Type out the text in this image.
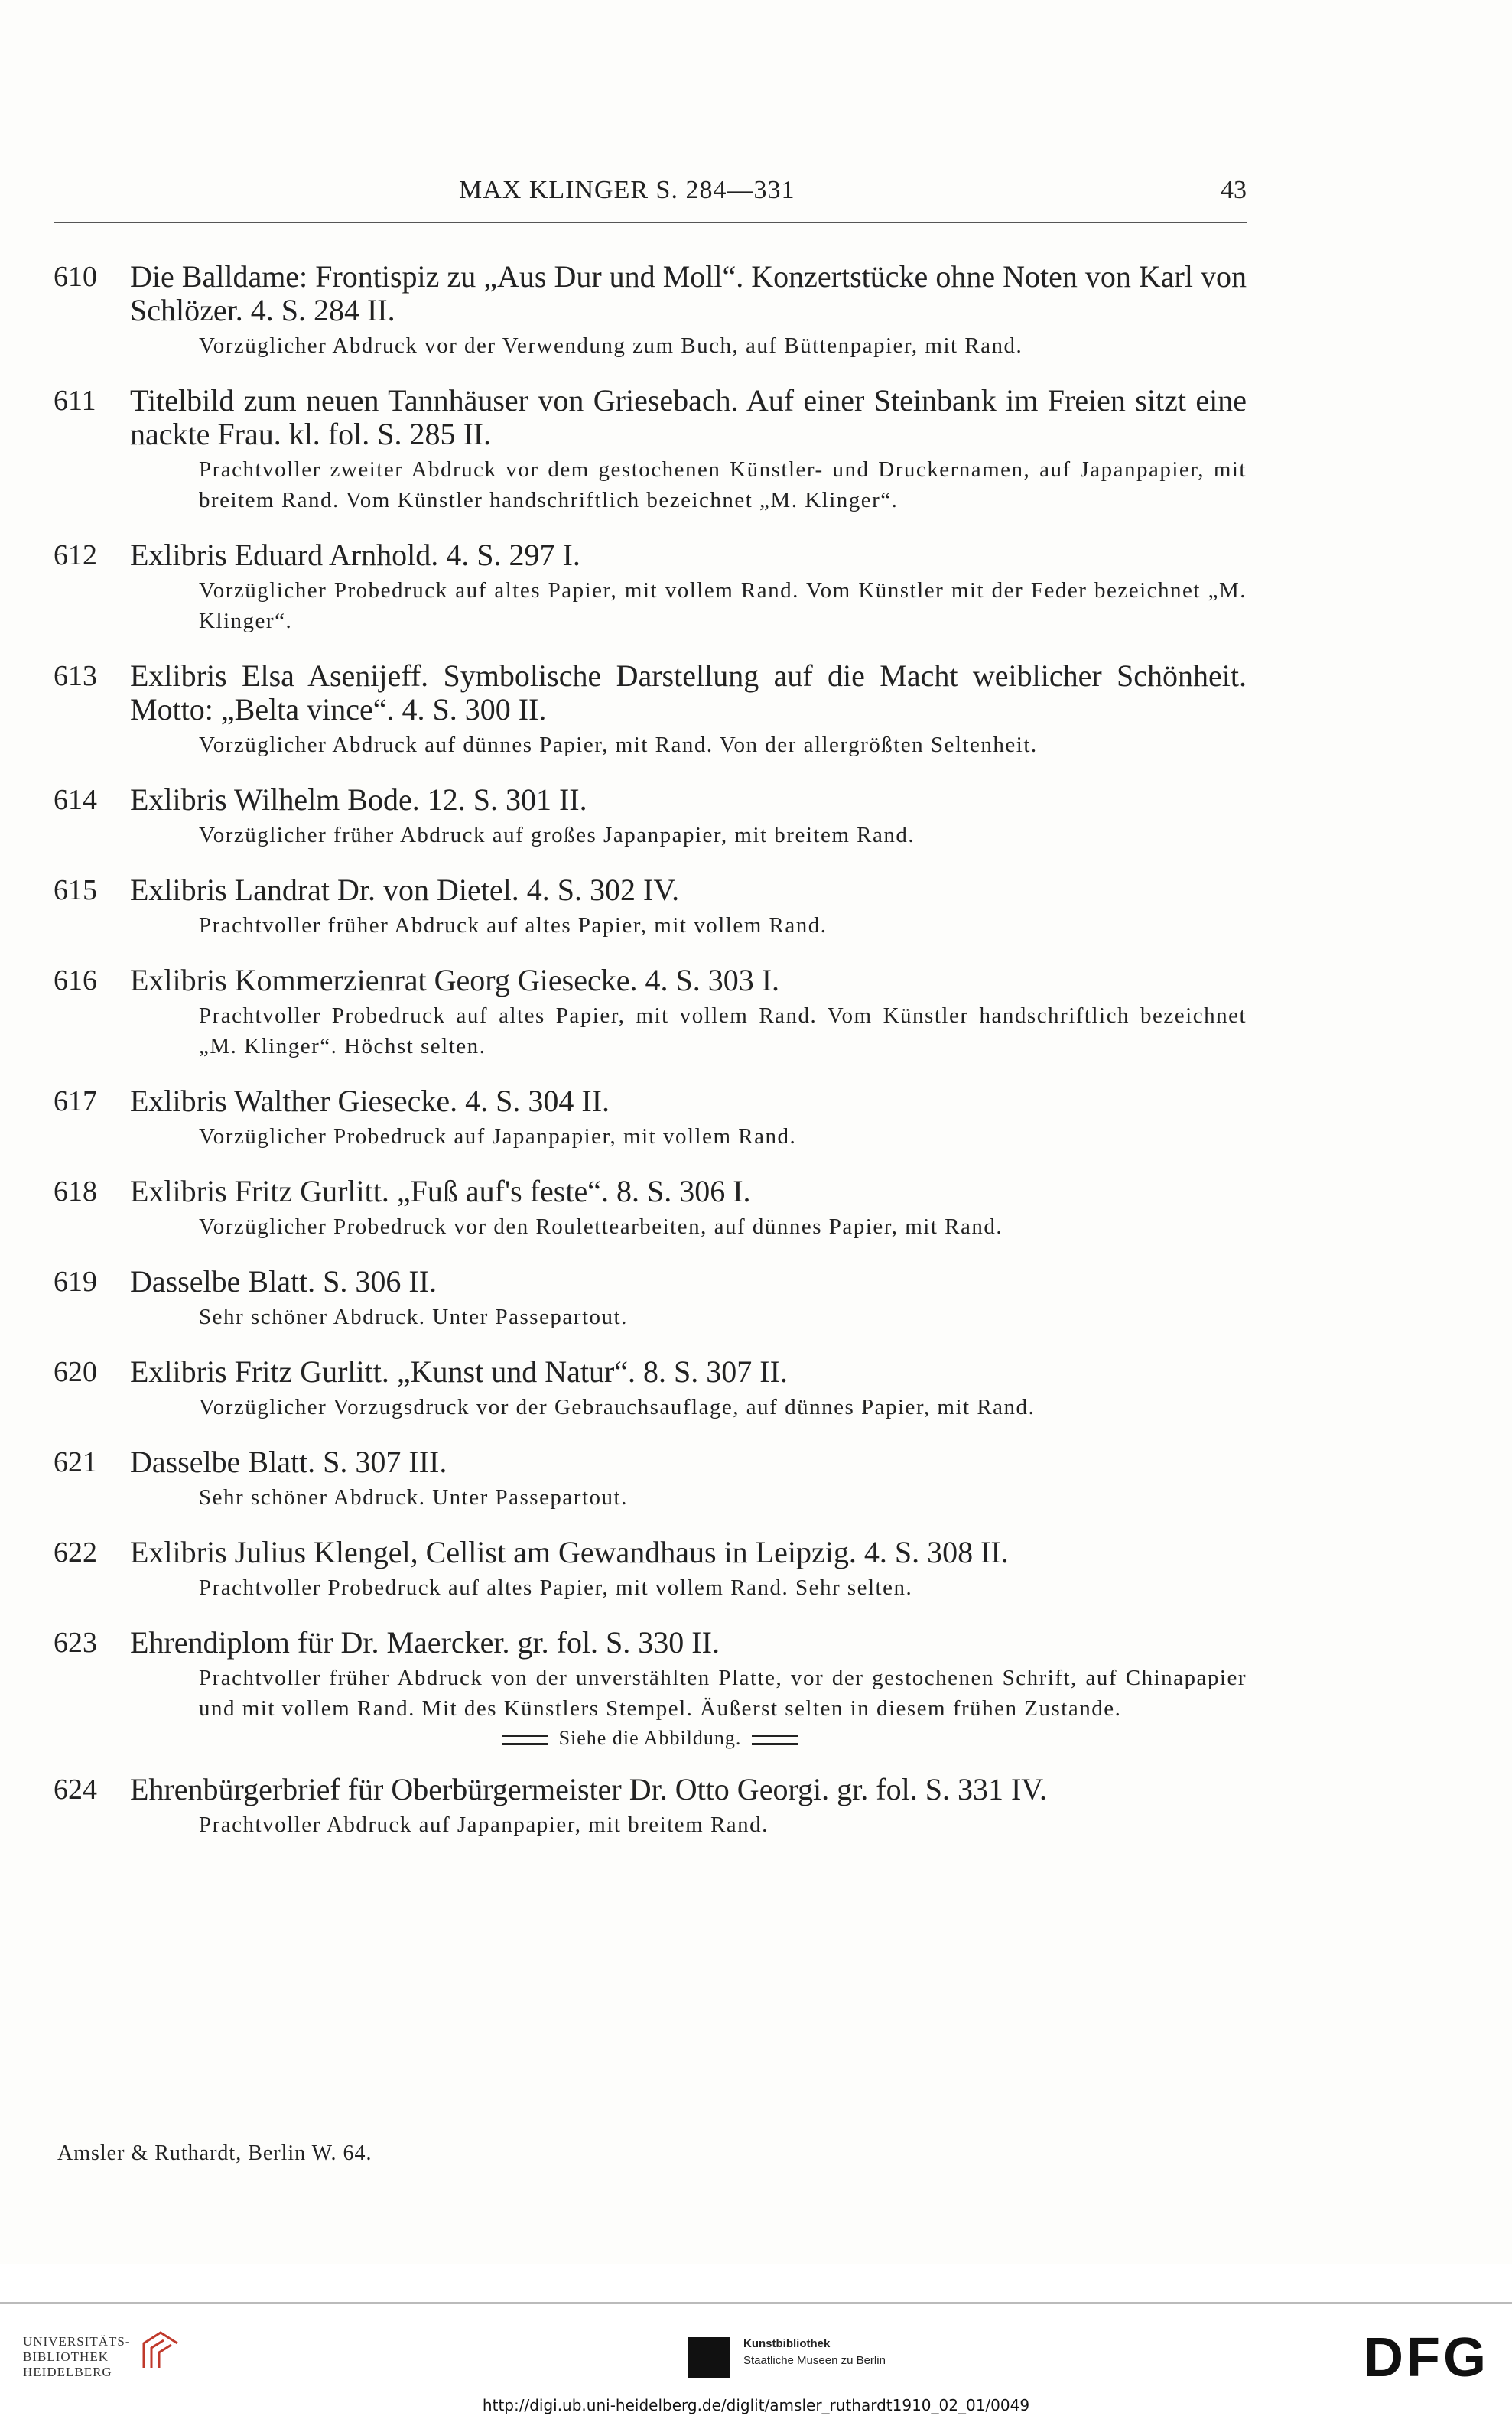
MAX KLINGER S. 284—331	43
610	Die Balldame: Frontispiz zu „Aus Dur und Moll“. Konzertstücke ohne Noten von Karl von Schlözer. 4. S. 284 II.
Vorzüglicher Abdruck vor der Verwendung zum Buch, auf Büttenpapier, mit Rand.
611	Titelbild zum neuen Tannhäuser von Griesebach. Auf einer Steinbank im Freien sitzt eine nackte Frau. kl. fol. S. 285 II.
Prachtvoller zweiter Abdruck vor dem gestochenen Künstler- und Druckernamen, auf Japanpapier, mit breitem Rand. Vom Künstler handschriftlich bezeichnet „M. Klinger“.
612	Exlibris Eduard Arnhold. 4. S. 297 I.
Vorzüglicher Probedruck auf altes Papier, mit vollem Rand. Vom Künstler mit der Feder bezeichnet „M. Klinger“.
613	Exlibris Elsa Asenijeff. Symbolische Darstellung auf die Macht weiblicher Schönheit. Motto: „Belta vince“. 4. S. 300 II.
Vorzüglicher Abdruck auf dünnes Papier, mit Rand. Von der allergrößten Seltenheit.
614	Exlibris Wilhelm Bode. 12. S. 301 II.
Vorzüglicher früher Abdruck auf großes Japanpapier, mit breitem Rand.
615	Exlibris Landrat Dr. von Dietel. 4. S. 302 IV.
Prachtvoller früher Abdruck auf altes Papier, mit vollem Rand.
616	Exlibris Kommerzienrat Georg Giesecke. 4. S. 303 I.
Prachtvoller Probedruck auf altes Papier, mit vollem Rand. Vom Künstler handschriftlich bezeichnet „M. Klinger“. Höchst selten.
617	Exlibris Walther Giesecke. 4. S. 304 II.
Vorzüglicher Probedruck auf Japanpapier, mit vollem Rand.
618	Exlibris Fritz Gurlitt. „Fuß auf's feste“. 8. S. 306 I.
Vorzüglicher Probedruck vor den Roulettearbeiten, auf dünnes Papier, mit Rand.
619	Dasselbe Blatt. S. 306 II.
Sehr schöner Abdruck. Unter Passepartout.
620	Exlibris Fritz Gurlitt. „Kunst und Natur“. 8. S. 307 II.
Vorzüglicher Vorzugsdruck vor der Gebrauchsauflage, auf dünnes Papier, mit Rand.
621	Dasselbe Blatt. S. 307 III.
Sehr schöner Abdruck. Unter Passepartout.
622	Exlibris Julius Klengel, Cellist am Gewandhaus in Leipzig. 4. S. 308 II.
Prachtvoller Probedruck auf altes Papier, mit vollem Rand. Sehr selten.
623	Ehrendiplom für Dr. Maercker. gr. fol. S. 330 II.
Prachtvoller früher Abdruck von der unverstählten Platte, vor der gestochenen Schrift, auf Chinapapier und mit vollem Rand. Mit des Künstlers Stempel. Äußerst selten in diesem frühen Zustande.
Siehe die Abbildung.
624	Ehrenbürgerbrief für Oberbürgermeister Dr. Otto Georgi. gr. fol. S. 331 IV.
Prachtvoller Abdruck auf Japanpapier, mit breitem Rand.
Amsler & Ruthardt, Berlin W. 64.
UNIVERSITÄTS-
BIBLIOTHEK
HEIDELBERG
Kunstbibliothek
Staatliche Museen zu Berlin	DFG
http://digi.ub.uni-heidelberg.de/diglit/amsler_ruthardt1910_02_01/0049
